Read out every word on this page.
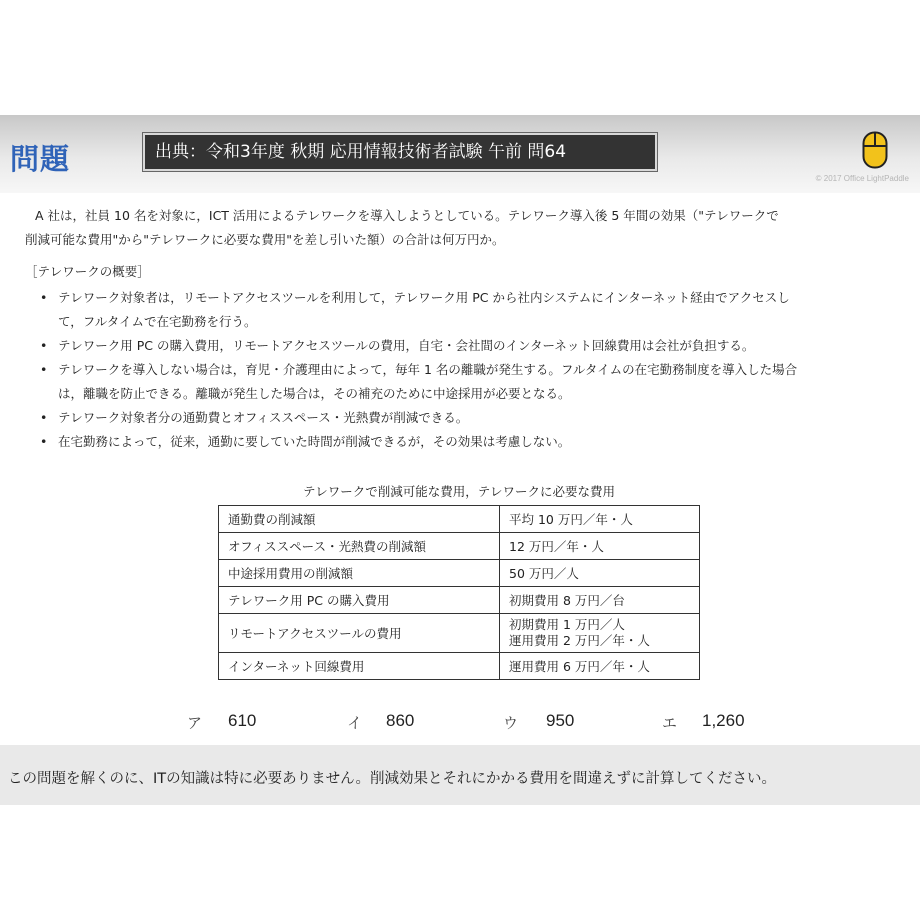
問題	出典：令和3年度 秋期 応用情報技術者試験 午前 問64
© 2017 Office LightPaddle
A 社は，社員 10 名を対象に，ICT 活用によるテレワークを導入しようとしている。テレワーク導入後 5 年間の効果（"テレワークで
削減可能な費用"から"テレワークに必要な費用"を差し引いた額）の合計は何万円か。
［テレワークの概要］
• テレワーク対象者は，リモートアクセスツールを利用して，テレワーク用 PC から社内システムにインターネット経由でアクセスし
て，フルタイムで在宅勤務を行う。
• テレワーク用 PC の購入費用，リモートアクセスツールの費用，自宅・会社間のインターネット回線費用は会社が負担する。
• テレワークを導入しない場合は，育児・介護理由によって，毎年 1 名の離職が発生する。フルタイムの在宅勤務制度を導入した場合
は，離職を防止できる。離職が発生した場合は，その補充のために中途採用が必要となる。
• テレワーク対象者分の通勤費とオフィススペース・光熱費が削減できる。
• 在宅勤務によって，従来，通勤に要していた時間が削減できるが，その効果は考慮しない。
テレワークで削減可能な費用，テレワークに必要な費用
通勤費の削減額	平均 10 万円／年・人
オフィススペース・光熱費の削減額	12 万円／年・人
中途採用費用の削減額	50 万円／人
テレワーク用 PC の購入費用	初期費用 8 万円／台
リモートアクセスツールの費用	初期費用 1 万円／人
運用費用 2 万円／年・人

インターネット回線費用	運用費用 6 万円／年・人
ア 610	イ 860	ウ 950	エ 1,260
この問題を解くのに、ITの知識は特に必要ありません。削減効果とそれにかかる費用を間違えずに計算してください。
